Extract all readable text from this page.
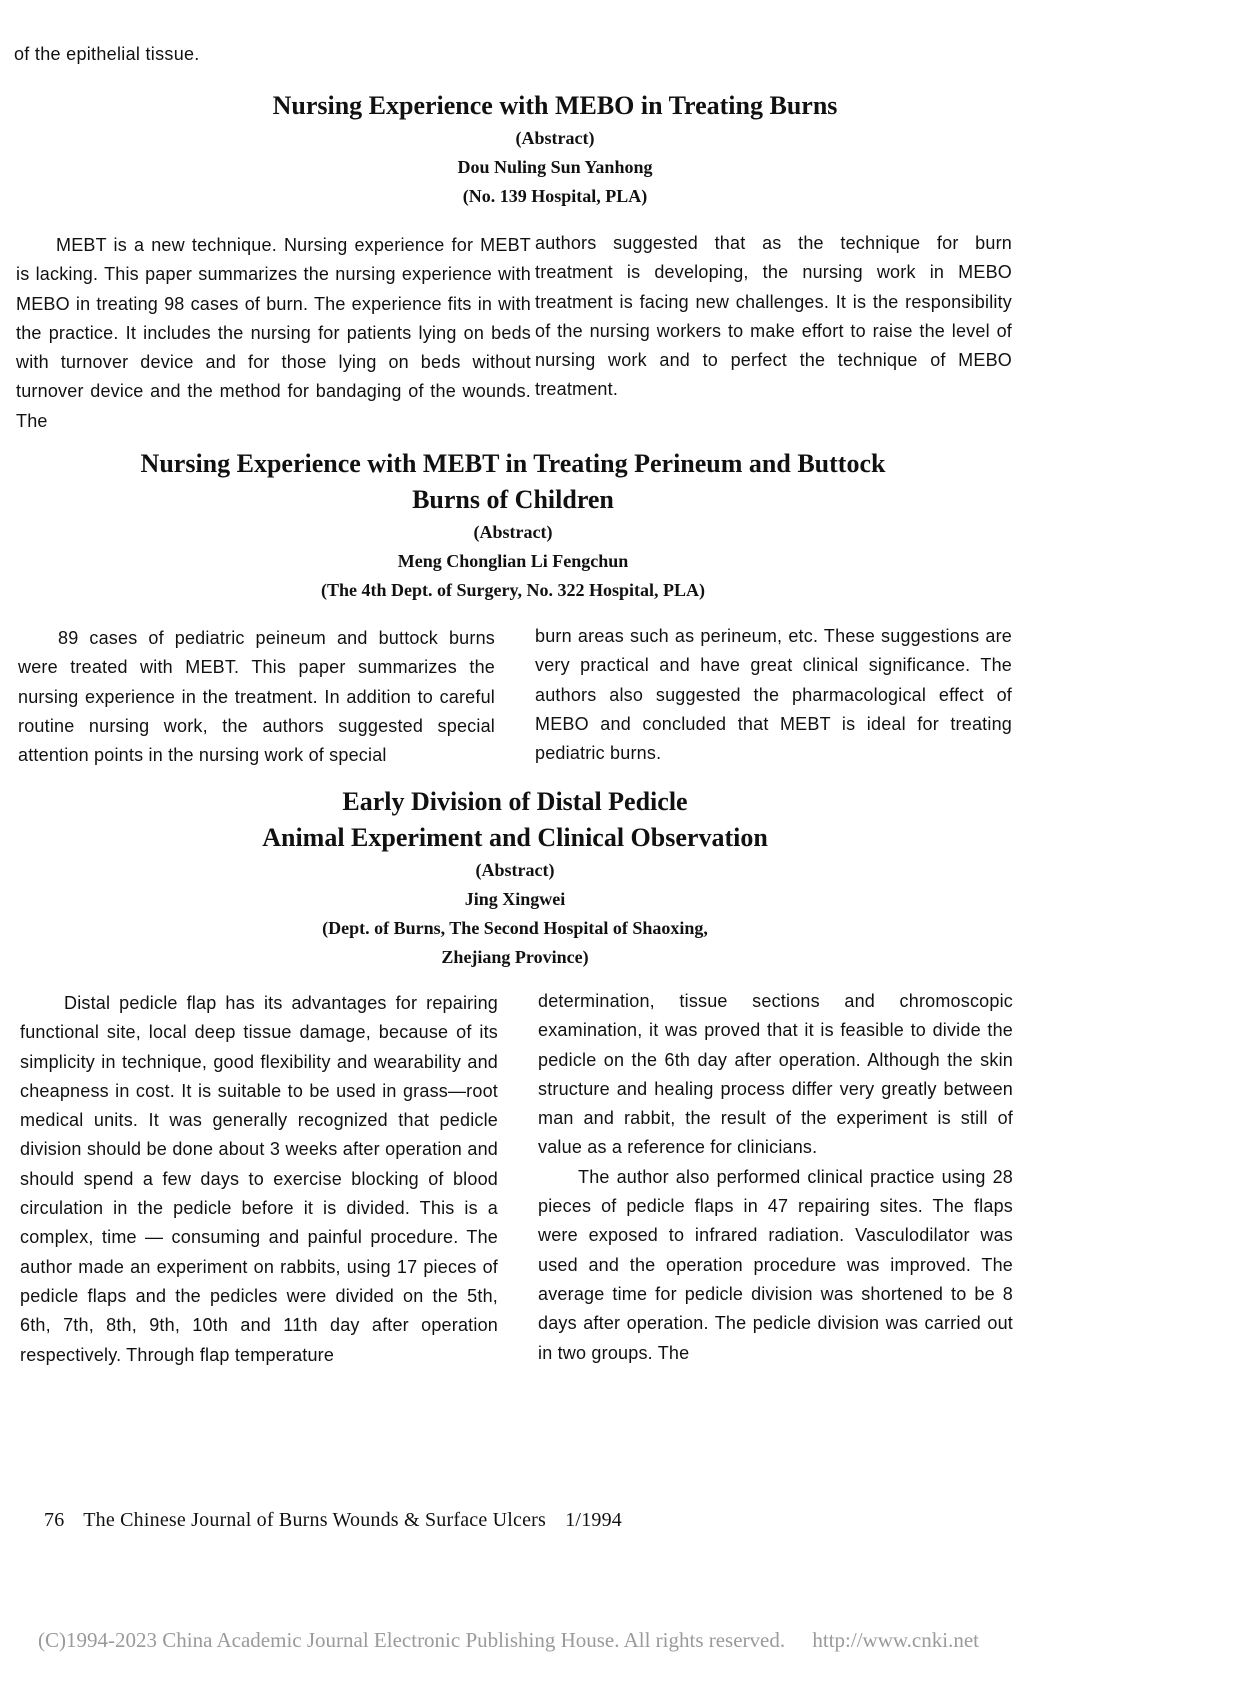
of the epithelial tissue.

Nursing Experience with MEBO in Treating Burns

(Abstract)

Dou Nuling Sun Yanhong

(No. 139 Hospital, PLA)

MEBT is a new technique. Nursing experience for MEBT is lacking. This paper summarizes the nursing experience with MEBO in treating 98 cases of burn. The experience fits in with the practice. It includes the nursing for patients lying on beds with turnover device and for those lying on beds without turnover device and the method for bandaging of the wounds. The

authors suggested that as the technique for burn treatment is developing, the nursing work in MEBO treatment is facing new challenges. It is the responsibility of the nursing workers to make effort to raise the level of nursing work and to perfect the technique of MEBO treatment.

Nursing Experience with MEBT in Treating Perineum and Buttock

Burns of Children

(Abstract)

Meng Chonglian Li Fengchun

(The 4th Dept. of Surgery, No. 322 Hospital, PLA)

89 cases of pediatric peineum and buttock burns were treated with MEBT. This paper summarizes the nursing experience in the treatment. In addition to careful routine nursing work, the authors suggested special attention points in the nursing work of special

burn areas such as perineum, etc. These suggestions are very practical and have great clinical significance. The authors also suggested the pharmacological effect of MEBO and concluded that MEBT is ideal for treating pediatric burns.

Early Division of Distal Pedicle

Animal Experiment and Clinical Observation

(Abstract)

Jing Xingwei

(Dept. of Burns, The Second Hospital of Shaoxing,

Zhejiang Province)

Distal pedicle flap has its advantages for repairing functional site, local deep tissue damage, because of its simplicity in technique, good flexibility and wearability and cheapness in cost. It is suitable to be used in grass—root medical units. It was generally recognized that pedicle division should be done about 3 weeks after operation and should spend a few days to exercise blocking of blood circulation in the pedicle before it is divided. This is a complex, time — consuming and painful procedure. The author made an experiment on rabbits, using 17 pieces of pedicle flaps and the pedicles were divided on the 5th, 6th, 7th, 8th, 9th, 10th and 11th day after operation respectively. Through flap temperature

determination, tissue sections and chromoscopic examination, it was proved that it is feasible to divide the pedicle on the 6th day after operation. Although the skin structure and healing process differ very greatly between man and rabbit, the result of the experiment is still of value as a reference for clinicians.

The author also performed clinical practice using 28 pieces of pedicle flaps in 47 repairing sites. The flaps were exposed to infrared radiation. Vasculodilator was used and the operation procedure was improved. The average time for pedicle division was shortened to be 8 days after operation. The pedicle division was carried out in two groups. The

76 The Chinese Journal of Burns Wounds & Surface Ulcers 1/1994
(C)1994-2023 China Academic Journal Electronic Publishing House. All rights reserved. http://www.cnki.net
